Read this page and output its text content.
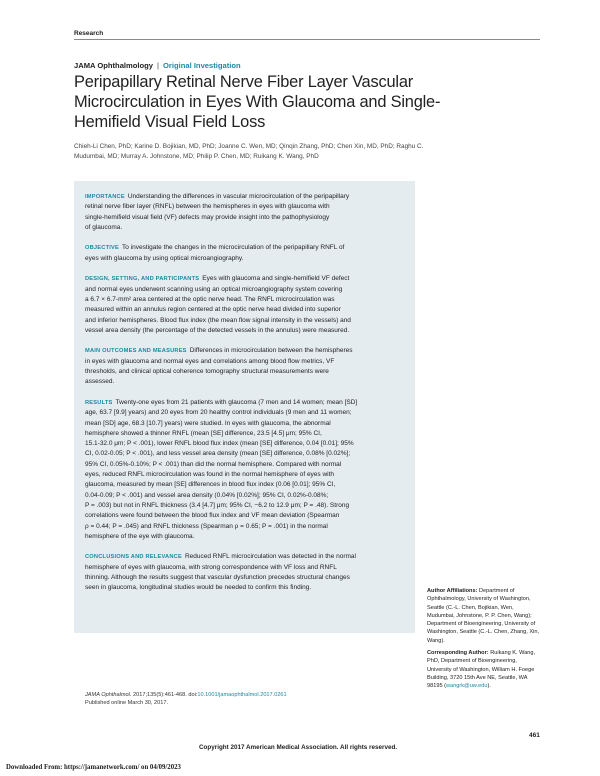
Research
JAMA Ophthalmology | Original Investigation
Peripapillary Retinal Nerve Fiber Layer Vascular Microcirculation in Eyes With Glaucoma and Single-Hemifield Visual Field Loss
Chieh-Li Chen, PhD; Karine D. Bojikian, MD, PhD; Joanne C. Wen, MD; Qinqin Zhang, PhD; Chen Xin, MD, PhD; Raghu C. Mudumbai, MD; Murray A. Johnstone, MD; Philip P. Chen, MD; Ruikang K. Wang, PhD
IMPORTANCE Understanding the differences in vascular microcirculation of the peripapillary
retinal nerve fiber layer (RNFL) between the hemispheres in eyes with glaucoma with
single-hemifield visual field (VF) defects may provide insight into the pathophysiology
of glaucoma.
OBJECTIVE To investigate the changes in the microcirculation of the peripapillary RNFL of
eyes with glaucoma by using optical microangiography.
DESIGN, SETTING, AND PARTICIPANTS Eyes with glaucoma and single-hemifield VF defect
and normal eyes underwent scanning using an optical microangiography system covering
a 6.7 × 6.7-mm² area centered at the optic nerve head. The RNFL microcirculation was
measured within an annulus region centered at the optic nerve head divided into superior
and inferior hemispheres. Blood flux index (the mean flow signal intensity in the vessels) and
vessel area density (the percentage of the detected vessels in the annulus) were measured.
MAIN OUTCOMES AND MEASURES Differences in microcirculation between the hemispheres
in eyes with glaucoma and normal eyes and correlations among blood flow metrics, VF
thresholds, and clinical optical coherence tomography structural measurements were
assessed.
RESULTS Twenty-one eyes from 21 patients with glaucoma (7 men and 14 women; mean [SD]
age, 63.7 [9.9] years) and 20 eyes from 20 healthy control individuals (9 men and 11 women;
mean [SD] age, 68.3 [10.7] years) were studied. In eyes with glaucoma, the abnormal
hemisphere showed a thinner RNFL (mean [SE] difference, 23.5 [4.5] μm; 95% CI,
15.1-32.0 μm; P < .001), lower RNFL blood flux index (mean [SE] difference, 0.04 [0.01]; 95%
CI, 0.02-0.05; P < .001), and less vessel area density (mean [SE] difference, 0.08% [0.02%];
95% CI, 0.05%-0.10%; P < .001) than did the normal hemisphere. Compared with normal
eyes, reduced RNFL microcirculation was found in the normal hemisphere of eyes with
glaucoma, measured by mean [SE] differences in blood flux index (0.06 [0.01]; 95% CI,
0.04-0.09; P < .001) and vessel area density (0.04% [0.02%]; 95% CI, 0.02%-0.08%;
P = .003) but not in RNFL thickness (3.4 [4.7] μm; 95% CI, −6.2 to 12.9 μm; P = .48). Strong
correlations were found between the blood flux index and VF mean deviation (Spearman
ρ = 0.44; P = .045) and RNFL thickness (Spearman ρ = 0.65; P = .001) in the normal
hemisphere of the eye with glaucoma.
CONCLUSIONS AND RELEVANCE Reduced RNFL microcirculation was detected in the normal
hemisphere of eyes with glaucoma, with strong correspondence with VF loss and RNFL
thinning. Although the results suggest that vascular dysfunction precedes structural changes
seen in glaucoma, longitudinal studies would be needed to confirm this finding.
JAMA Ophthalmol. 2017;135(5):461-468. doi:10.1001/jamaophthalmol.2017.0261
Published online March 30, 2017.
Author Affiliations: Department of Ophthalmology, University of Washington, Seattle (C.-L. Chen, Bojikian, Wen, Mudumbai, Johnstone, P. P. Chen, Wang); Department of Bioengineering, University of Washington, Seattle (C.-L. Chen, Zhang, Xin, Wang).
Corresponding Author: Ruikang K. Wang, PhD, Department of Bioengineering, University of Washington, William H. Foege Building, 3720 15th Ave NE, Seattle, WA 98195 (wangrk@uw.edu).
461
Copyright 2017 American Medical Association. All rights reserved.
Downloaded From: https://jamanetwork.com/ on 04/09/2023
